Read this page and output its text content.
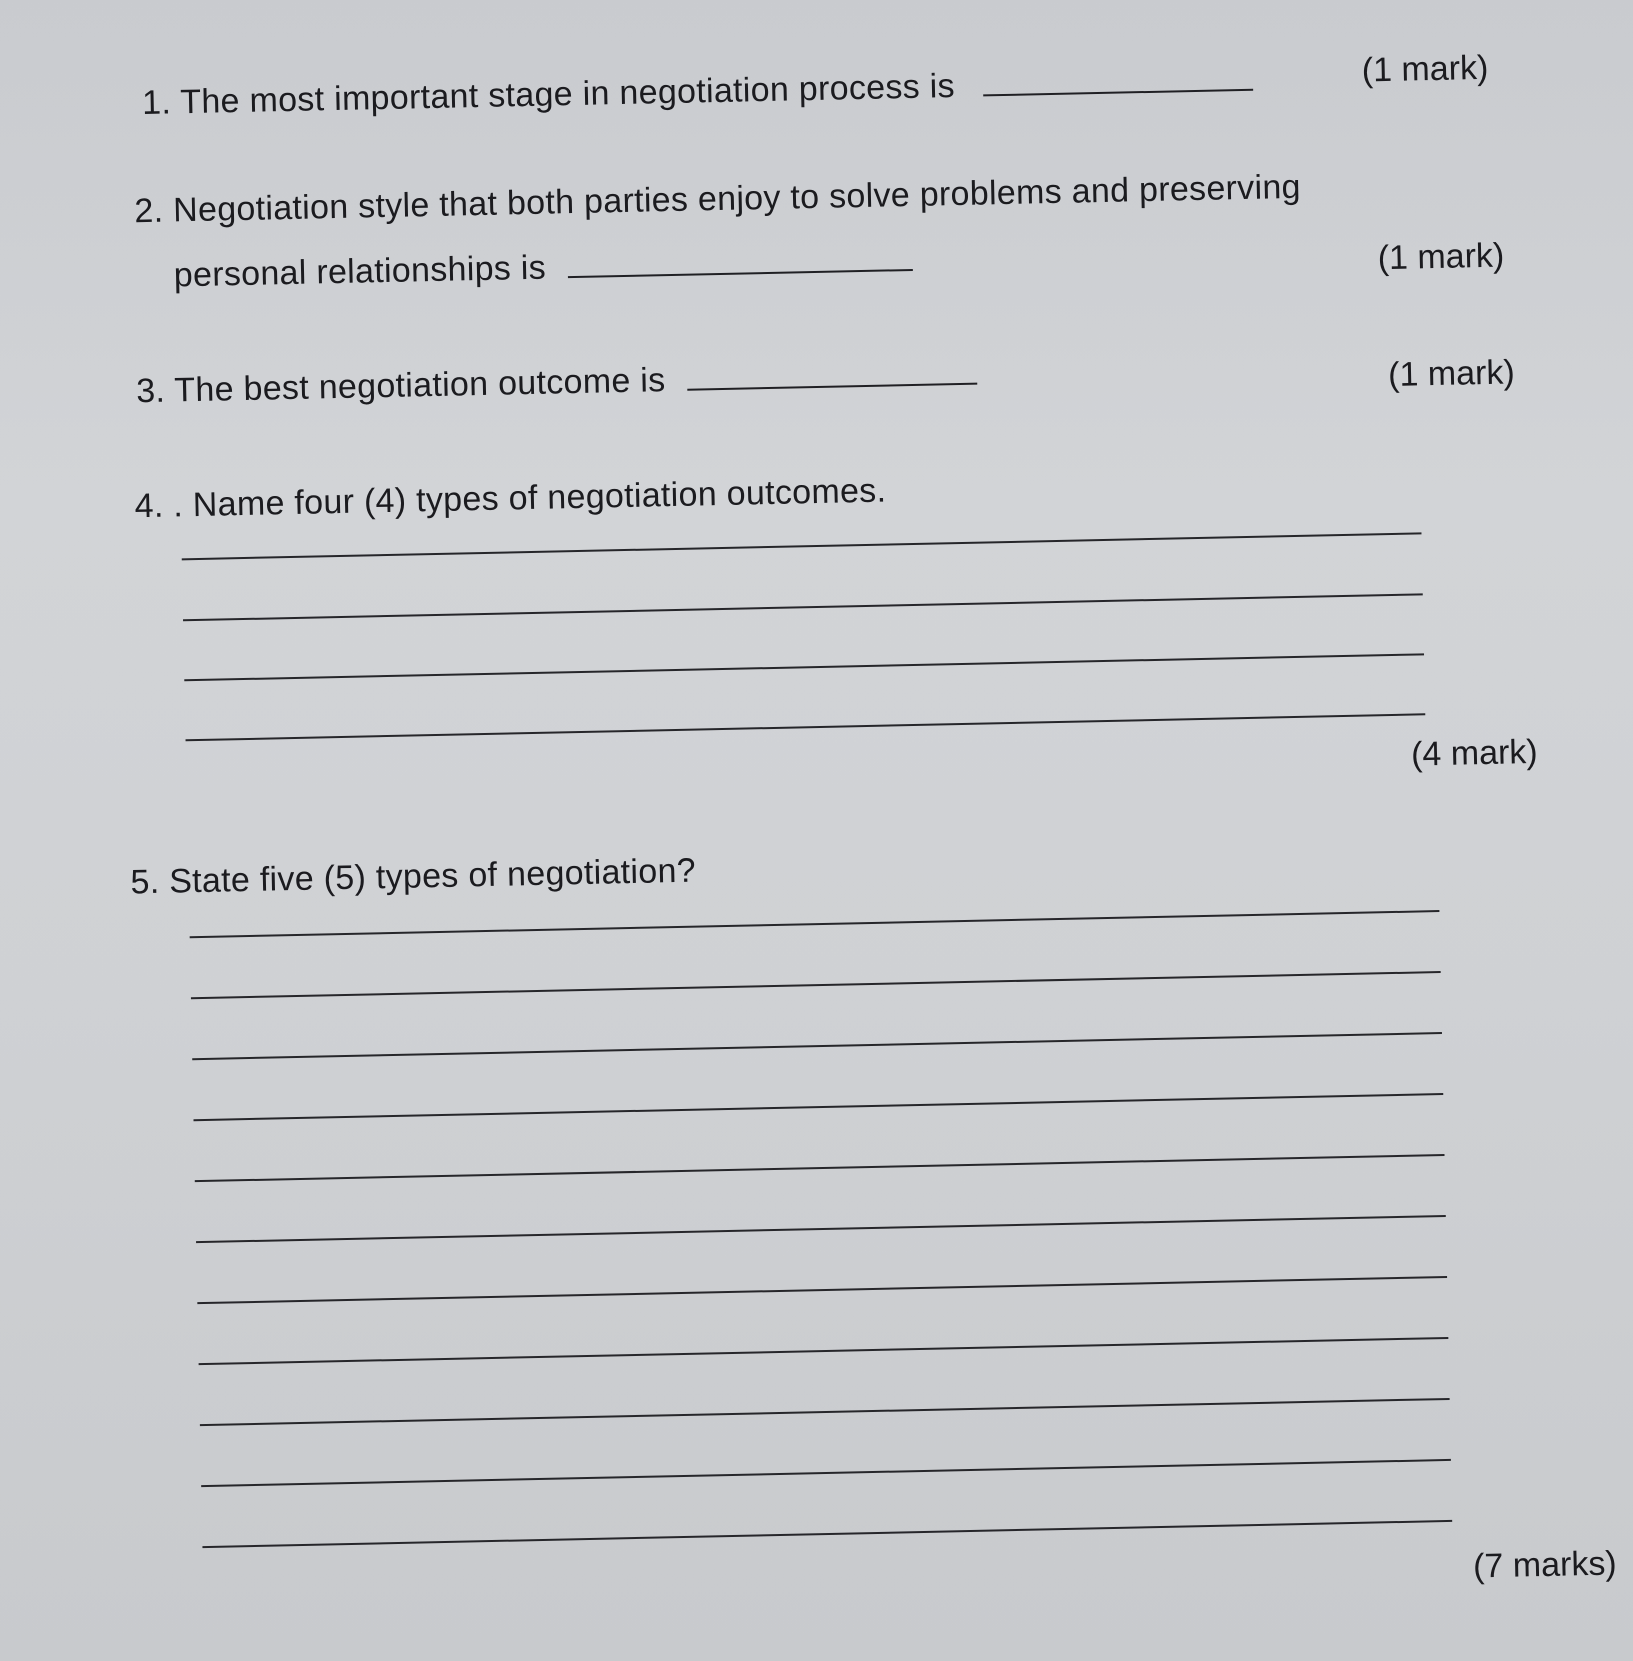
1. The most important stage in negotiation process is	(1 mark)
2. Negotiation style that both parties enjoy to solve problems and preserving
personal relationships is	(1 mark)
3. The best negotiation outcome is	(1 mark)
4. . Name four (4) types of negotiation outcomes.
(4 mark)
5. State five (5) types of negotiation?
(7 marks)
